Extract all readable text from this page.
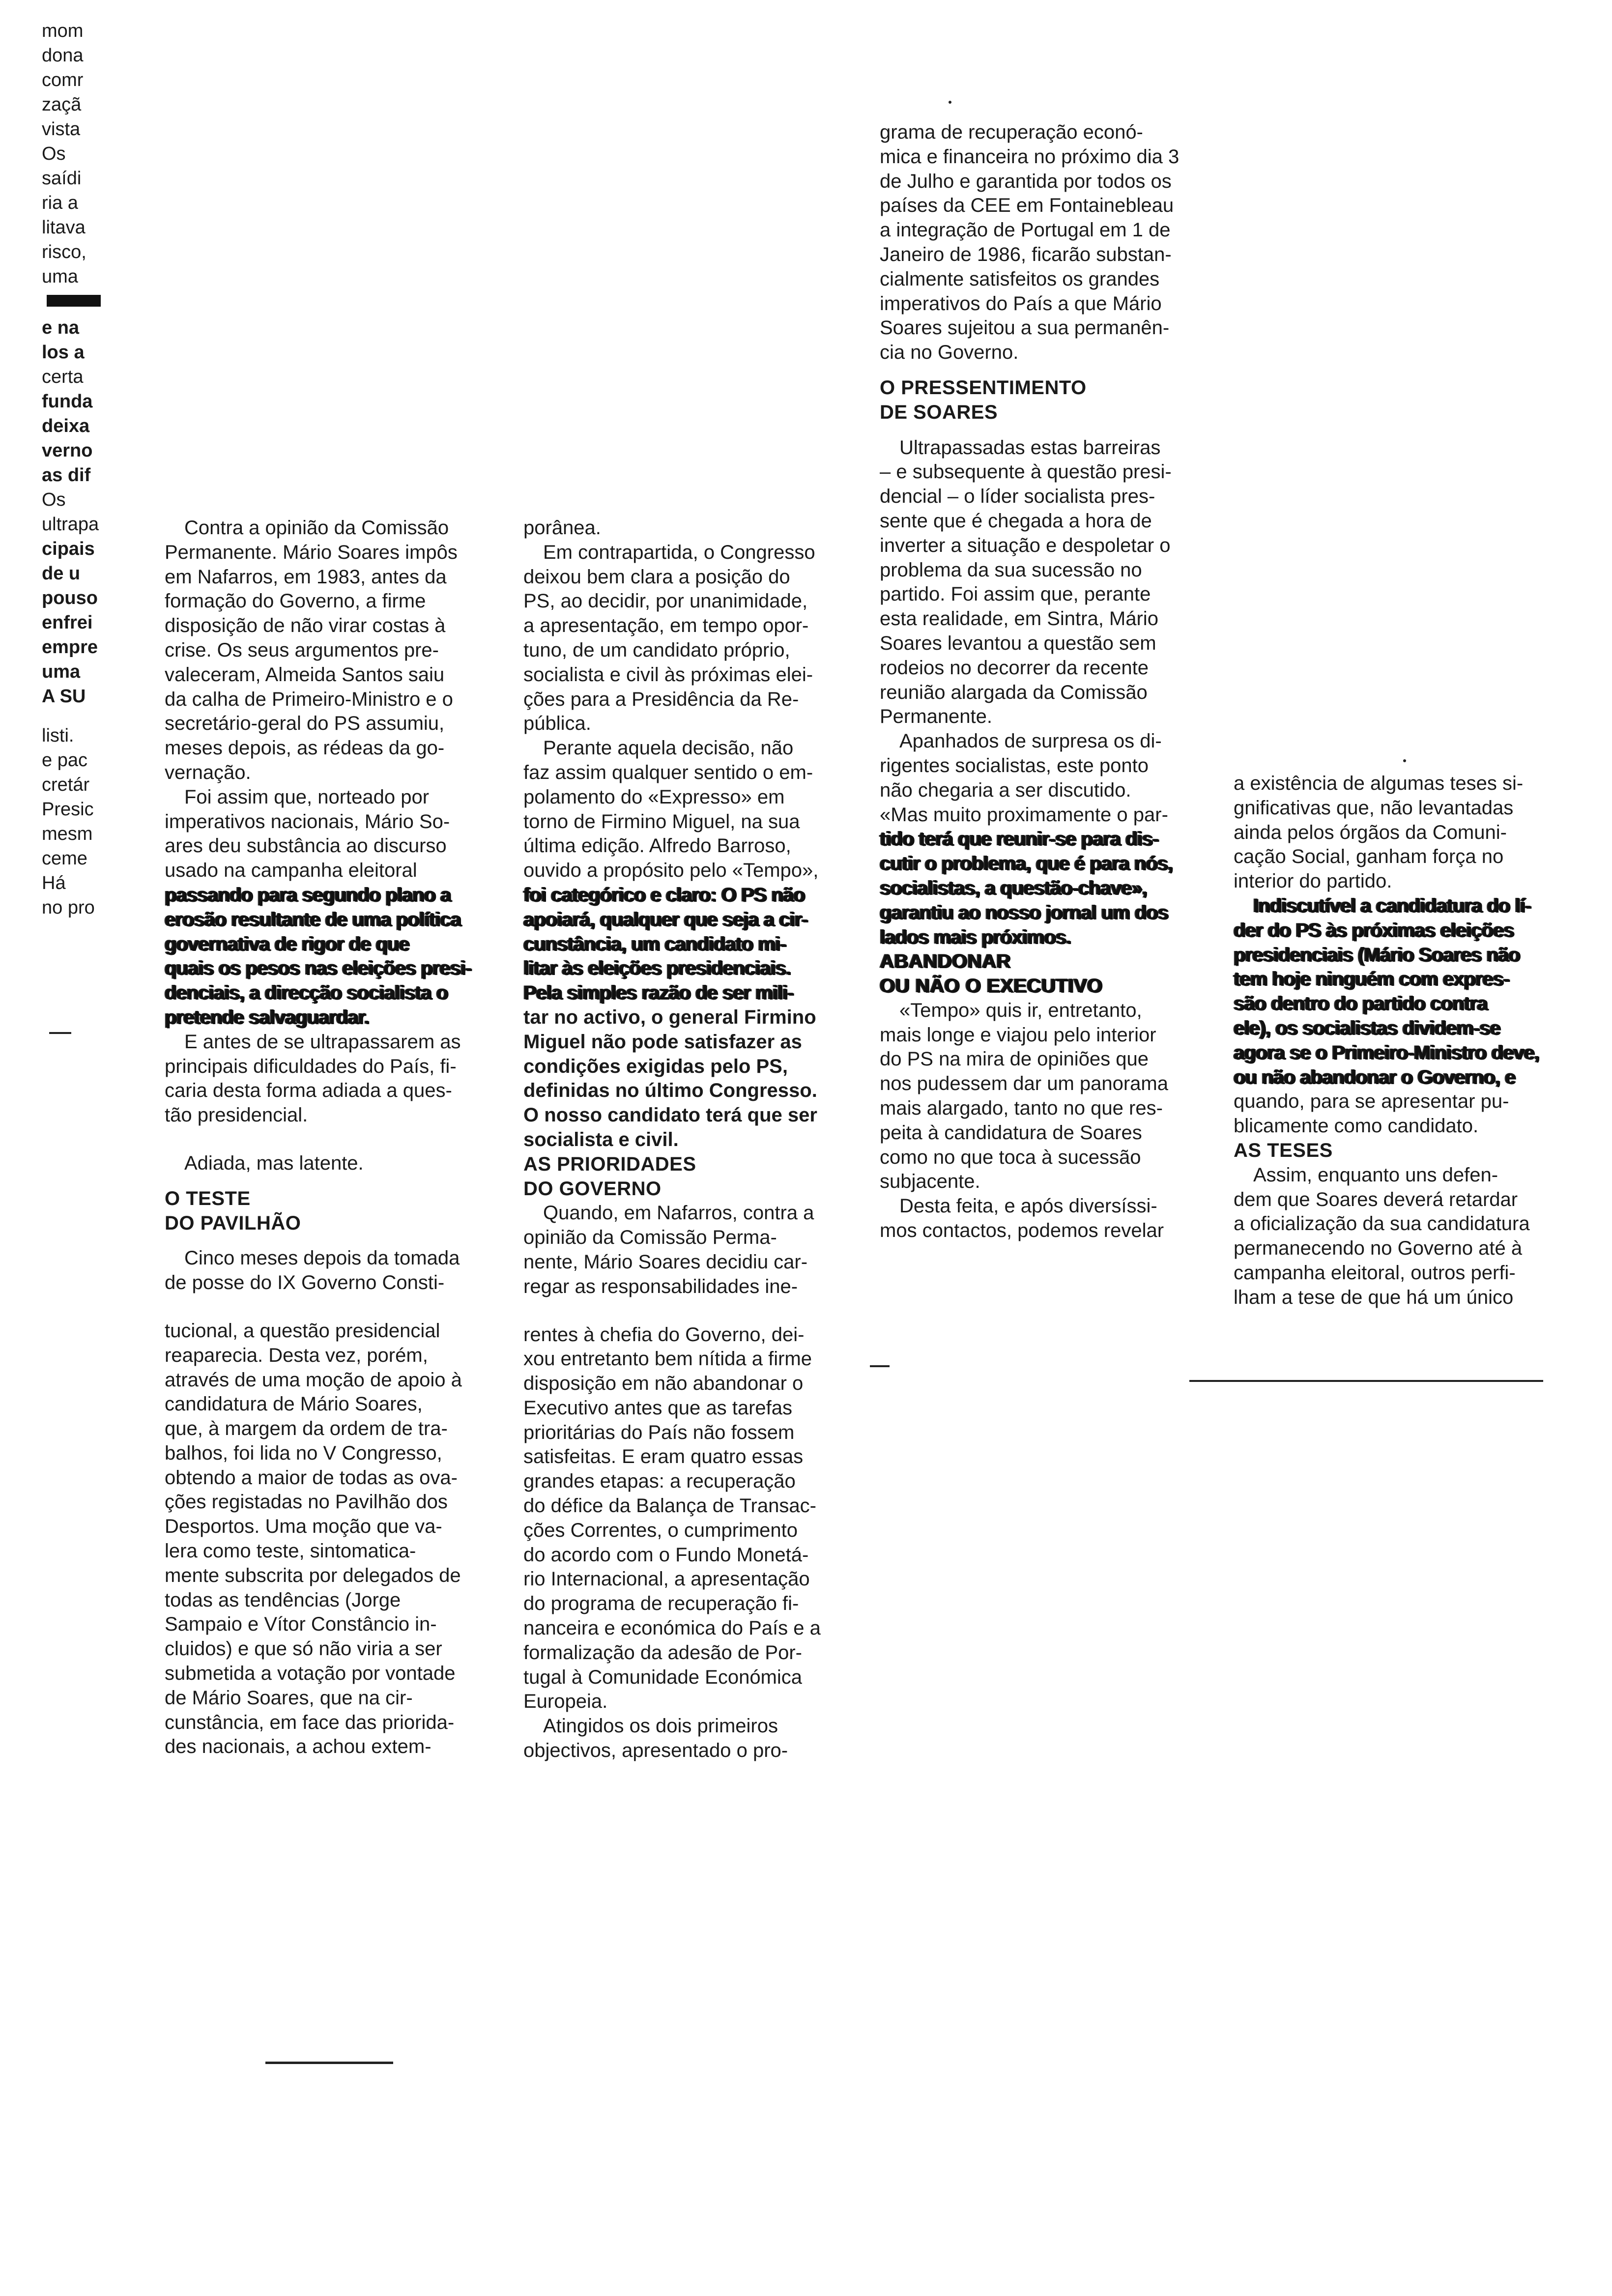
mom

dona

comr

zaçã

vista

Os

saídi

ria a

litava

risco,

uma

e na

los a

certa

funda

deixa

verno

as dif

Os

ultrapa

cipais

de u

pouso

enfrei

empre

uma

A SU

listi.

e pac

cretár

Presic

mesm

ceme

Há

no pro

Contra a opinião da Comissão

Permanente. Mário Soares impôs

em Nafarros, em 1983, antes da

formação do Governo, a firme

disposição de não virar costas à

crise. Os seus argumentos pre-

valeceram, Almeida Santos saiu

da calha de Primeiro-Ministro e o

secretário-geral do PS assumiu,

meses depois, as rédeas da go-

vernação.

Foi assim que, norteado por

imperativos nacionais, Mário So-

ares deu substância ao discurso

usado na campanha eleitoral

passando para segundo plano a

erosão resultante de uma política

governativa de rigor de que

quais os pesos nas eleições presi-

denciais, a direcção socialista o

pretende salvaguardar.

E antes de se ultrapassarem as

principais dificuldades do País, fi-

caria desta forma adiada a ques-

tão presidencial.

Adiada, mas latente.

O TESTE

DO PAVILHÃO

Cinco meses depois da tomada

de posse do IX Governo Consti-

tucional, a questão presidencial

reaparecia. Desta vez, porém,

através de uma moção de apoio à

candidatura de Mário Soares,

que, à margem da ordem de tra-

balhos, foi lida no V Congresso,

obtendo a maior de todas as ova-

ções registadas no Pavilhão dos

Desportos. Uma moção que va-

lera como teste, sintomatica-

mente subscrita por delegados de

todas as tendências (Jorge

Sampaio e Vítor Constâncio in-

cluidos) e que só não viria a ser

submetida a votação por vontade

de Mário Soares, que na cir-

cunstância, em face das priorida-

des nacionais, a achou extem-

porânea.

Em contrapartida, o Congresso

deixou bem clara a posição do

PS, ao decidir, por unanimidade,

a apresentação, em tempo opor-

tuno, de um candidato próprio,

socialista e civil às próximas elei-

ções para a Presidência da Re-

pública.

Perante aquela decisão, não

faz assim qualquer sentido o em-

polamento do «Expresso» em

torno de Firmino Miguel, na sua

última edição. Alfredo Barroso,

ouvido a propósito pelo «Tempo»,

foi categórico e claro: O PS não

apoiará, qualquer que seja a cir-

cunstância, um candidato mi-

litar às eleições presidenciais.

Pela simples razão de ser mili-

tar no activo, o general Firmino

Miguel não pode satisfazer as

condições exigidas pelo PS,

definidas no último Congresso.

O nosso candidato terá que ser

socialista e civil.

AS PRIORIDADES

DO GOVERNO

Quando, em Nafarros, contra a

opinião da Comissão Perma-

nente, Mário Soares decidiu car-

regar as responsabilidades ine-

rentes à chefia do Governo, dei-

xou entretanto bem nítida a firme

disposição em não abandonar o

Executivo antes que as tarefas

prioritárias do País não fossem

satisfeitas. E eram quatro essas

grandes etapas: a recuperação

do défice da Balança de Transac-

ções Correntes, o cumprimento

do acordo com o Fundo Monetá-

rio Internacional, a apresentação

do programa de recuperação fi-

nanceira e económica do País e a

formalização da adesão de Por-

tugal à Comunidade Económica

Europeia.

Atingidos os dois primeiros

objectivos, apresentado o pro-

grama de recuperação econó-

mica e financeira no próximo dia 3

de Julho e garantida por todos os

países da CEE em Fontainebleau

a integração de Portugal em 1 de

Janeiro de 1986, ficarão substan-

cialmente satisfeitos os grandes

imperativos do País a que Mário

Soares sujeitou a sua permanên-

cia no Governo.

O PRESSENTIMENTO

DE SOARES

Ultrapassadas estas barreiras

– e subsequente à questão presi-

dencial – o líder socialista pres-

sente que é chegada a hora de

inverter a situação e despoletar o

problema da sua sucessão no

partido. Foi assim que, perante

esta realidade, em Sintra, Mário

Soares levantou a questão sem

rodeios no decorrer da recente

reunião alargada da Comissão

Permanente.

Apanhados de surpresa os di-

rigentes socialistas, este ponto

não chegaria a ser discutido.

«Mas muito proximamente o par-

tido terá que reunir-se para dis-

cutir o problema, que é para nós,

socialistas, a questão-chave»,

garantiu ao nosso jornal um dos

lados mais próximos.

ABANDONAR

OU NÃO O EXECUTIVO

«Tempo» quis ir, entretanto,

mais longe e viajou pelo interior

do PS na mira de opiniões que

nos pudessem dar um panorama

mais alargado, tanto no que res-

peita à candidatura de Soares

como no que toca à sucessão

subjacente.

Desta feita, e após diversíssi-

mos contactos, podemos revelar

a existência de algumas teses si-

gnificativas que, não levantadas

ainda pelos órgãos da Comuni-

cação Social, ganham força no

interior do partido.

Indiscutível a candidatura do lí-

der do PS às próximas eleições

presidenciais (Mário Soares não

tem hoje ninguém com expres-

são dentro do partido contra

ele), os socialistas dividem-se

agora se o Primeiro-Ministro deve,

ou não abandonar o Governo, e

quando, para se apresentar pu-

blicamente como candidato.

AS TESES

Assim, enquanto uns defen-

dem que Soares deverá retardar

a oficialização da sua candidatura

permanecendo no Governo até à

campanha eleitoral, outros perfi-

lham a tese de que há um único
